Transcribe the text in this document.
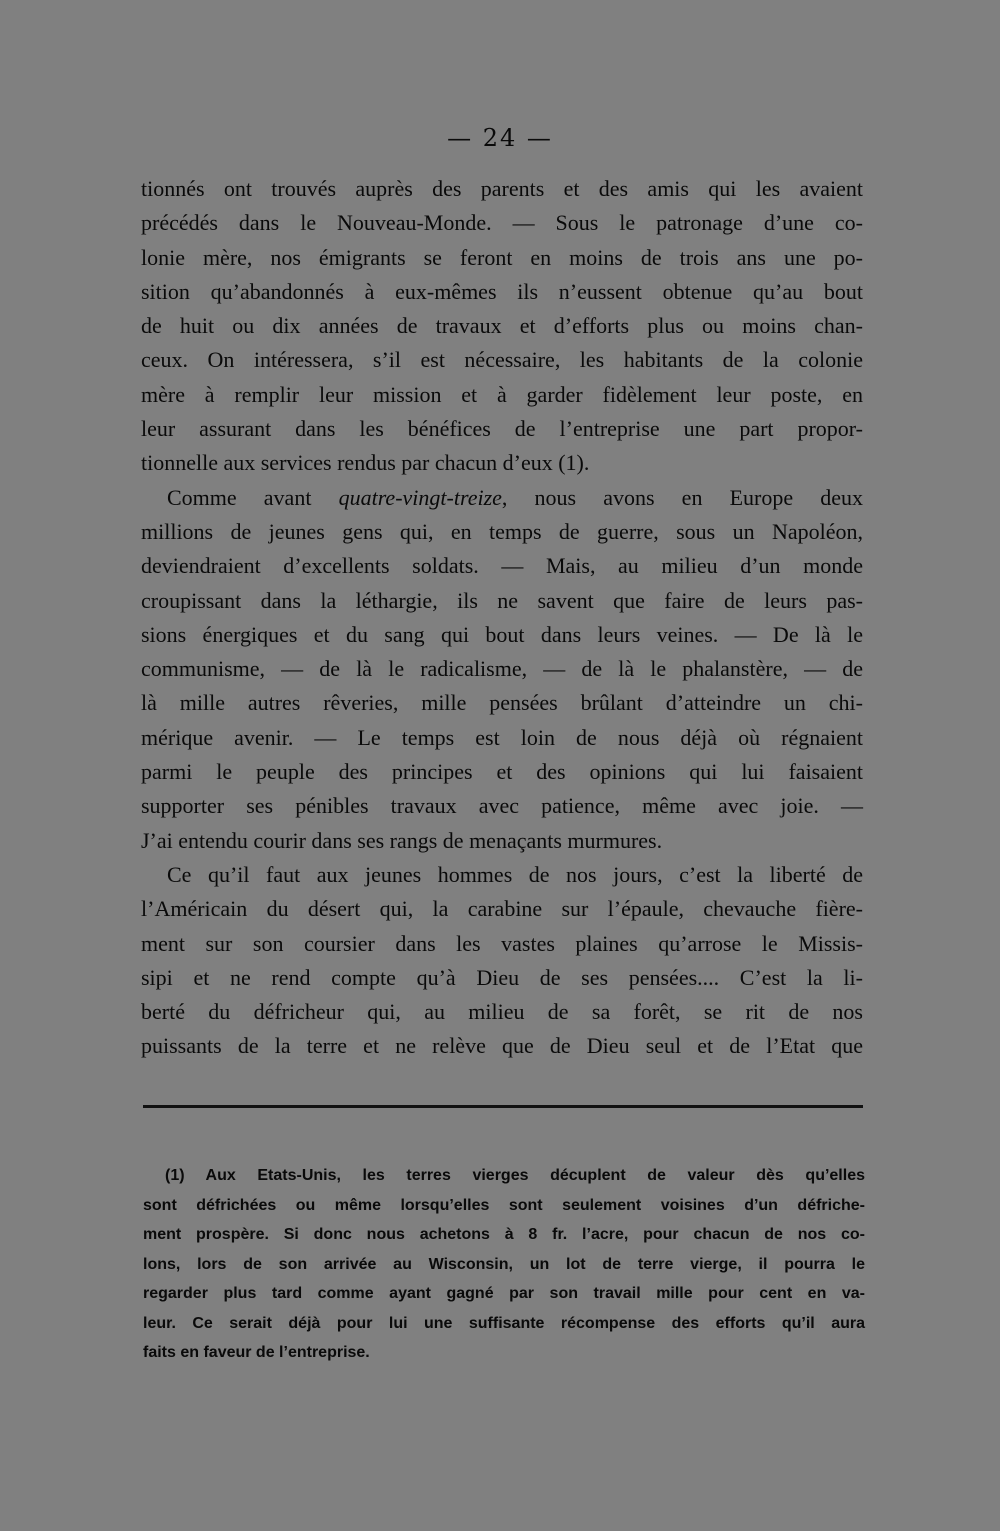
— 24 —
tionnés ont trouvés auprès des parents et des amis qui les avaient
précédés dans le Nouveau-Monde. — Sous le patronage d’une co-
lonie mère, nos émigrants se feront en moins de trois ans une po-
sition qu’abandonnés à eux-mêmes ils n’eussent obtenue qu’au bout
de huit ou dix années de travaux et d’efforts plus ou moins chan-
ceux. On intéressera, s’il est nécessaire, les habitants de la colonie
mère à remplir leur mission et à garder fidèlement leur poste, en
leur assurant dans les bénéfices de l’entreprise une part propor-
tionnelle aux services rendus par chacun d’eux (1).
Comme avant quatre-vingt-treize, nous avons en Europe deux
millions de jeunes gens qui, en temps de guerre, sous un Napoléon,
deviendraient d’excellents soldats. — Mais, au milieu d’un monde
croupissant dans la léthargie, ils ne savent que faire de leurs pas-
sions énergiques et du sang qui bout dans leurs veines. — De là le
communisme, — de là le radicalisme, — de là le phalanstère, — de
là mille autres rêveries, mille pensées brûlant d’atteindre un chi-
mérique avenir. — Le temps est loin de nous déjà où régnaient
parmi le peuple des principes et des opinions qui lui faisaient
supporter ses pénibles travaux avec patience, même avec joie. —
J’ai entendu courir dans ses rangs de menaçants murmures.
Ce qu’il faut aux jeunes hommes de nos jours, c’est la liberté de
l’Américain du désert qui, la carabine sur l’épaule, chevauche fière-
ment sur son coursier dans les vastes plaines qu’arrose le Missis-
sipi et ne rend compte qu’à Dieu de ses pensées.... C’est la li-
berté du défricheur qui, au milieu de sa forêt, se rit de nos
puissants de la terre et ne relève que de Dieu seul et de l’Etat que
(1) Aux Etats-Unis, les terres vierges décuplent de valeur dès qu’elles
sont défrichées ou même lorsqu’elles sont seulement voisines d’un défriche-
ment prospère. Si donc nous achetons à 8 fr. l’acre, pour chacun de nos co-
lons, lors de son arrivée au Wisconsin, un lot de terre vierge, il pourra le
regarder plus tard comme ayant gagné par son travail mille pour cent en va-
leur. Ce serait déjà pour lui une suffisante récompense des efforts qu’il aura
faits en faveur de l’entreprise.
